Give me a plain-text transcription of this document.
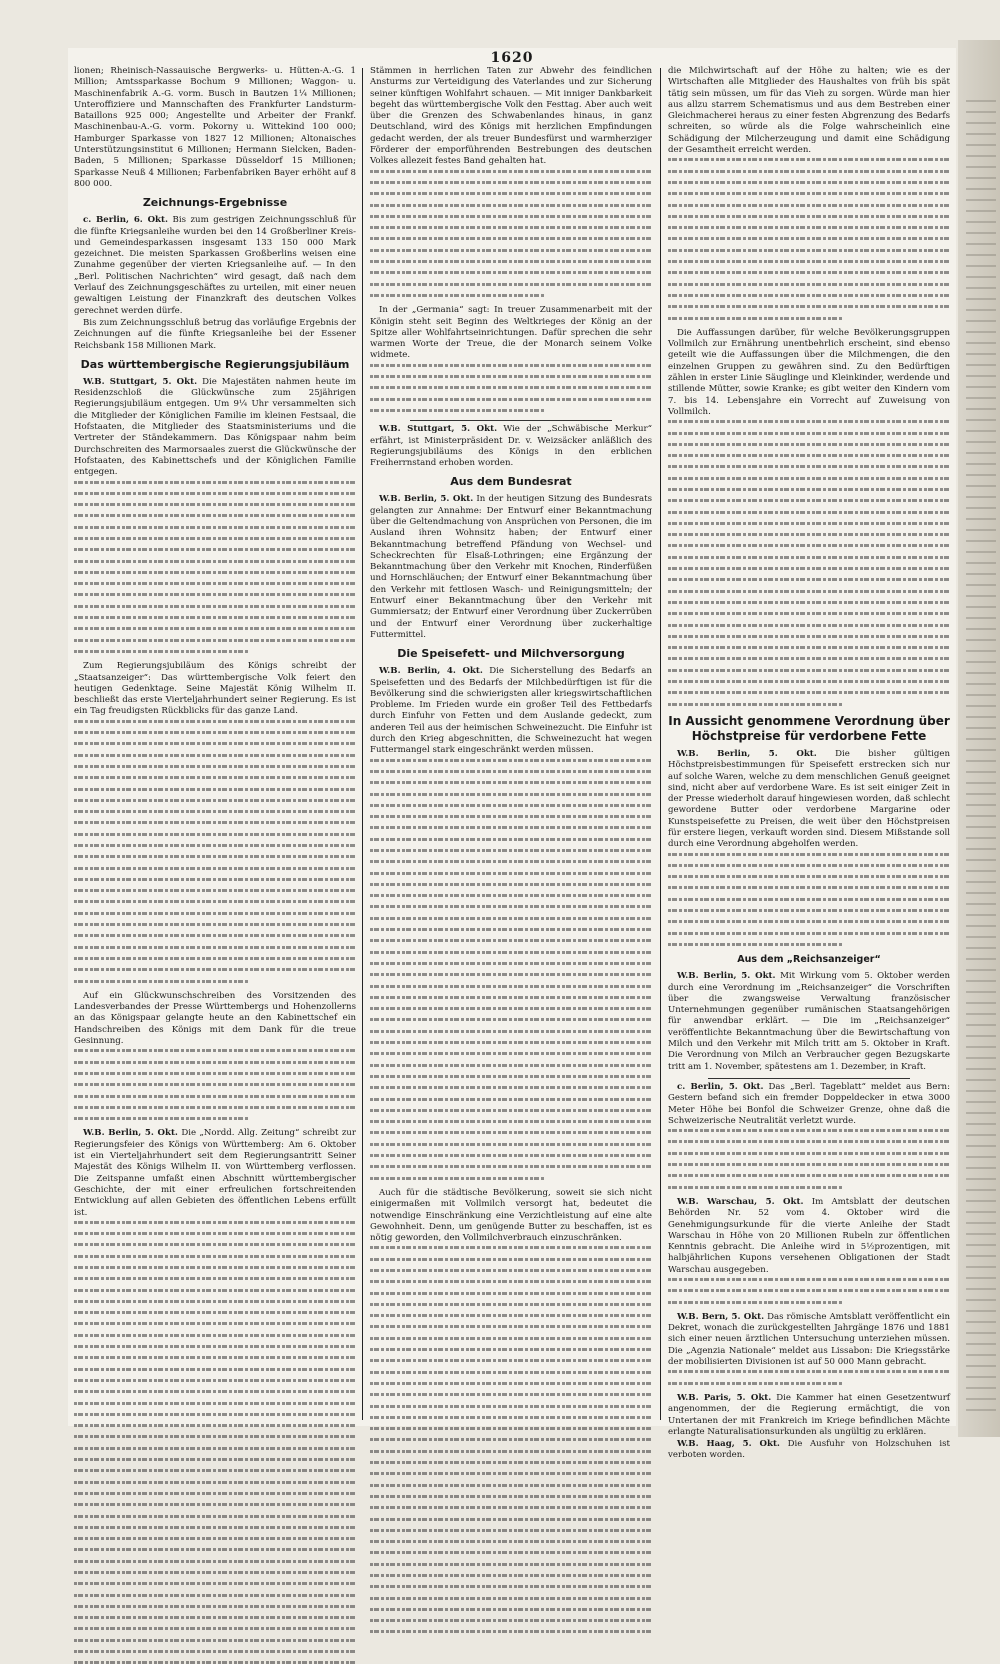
1620

lionen; Rheinisch-Nassauische Bergwerks- u. Hütten-A.-G. 1 Million; Amtssparkasse Bochum 9 Millionen; Waggon- u. Maschinenfabrik A.-G. vorm. Busch in Bautzen 1¼ Millionen; Unteroffiziere und Mannschaften des Frankfurter Landsturm-Bataillons 925 000; Angestellte und Arbeiter der Frankf. Maschinenbau-A.-G. vorm. Pokorny u. Wittekind 100 000; Hamburger Sparkasse von 1827 12 Millionen; Altonaisches Unterstützungsinstitut 6 Millionen; Hermann Sielcken, Baden-Baden, 5 Millionen; Sparkasse Düsseldorf 15 Millionen; Sparkasse Neuß 4 Millionen; Farbenfabriken Bayer erhöht auf 8 800 000.

Zeichnungs-Ergebnisse

c. Berlin, 6. Okt. Bis zum gestrigen Zeichnungsschluß für die fünfte Kriegsanleihe wurden bei den 14 Großberliner Kreis- und Gemeindesparkassen insgesamt 133 150 000 Mark gezeichnet. Die meisten Sparkassen Großberlins weisen eine Zunahme gegenüber der vierten Kriegsanleihe auf. — In den „Berl. Politischen Nachrichten“ wird gesagt, daß nach dem Verlauf des Zeichnungsgeschäftes zu urteilen, mit einer neuen gewaltigen Leistung der Finanzkraft des deutschen Volkes gerechnet werden dürfe.

Bis zum Zeichnungsschluß betrug das vorläufige Ergebnis der Zeichnungen auf die fünfte Kriegsanleihe bei der Essener Reichsbank 158 Millionen Mark.

Das württembergische Regierungsjubiläum

W.B. Stuttgart, 5. Okt. Die Majestäten nahmen heute im Residenzschloß die Glückwünsche zum 25jährigen Regierungsjubiläum entgegen. Um 9¼ Uhr versammelten sich die Mitglieder der Königlichen Familie im kleinen Festsaal, die Hofstaaten, die Mitglieder des Staatsministeriums und die Vertreter der Ständekammern. Das Königspaar nahm beim Durchschreiten des Marmorsaales zuerst die Glückwünsche der Hofstaaten, des Kabinettschefs und der Königlichen Familie entgegen.

Zum Regierungsjubiläum des Königs schreibt der „Staatsanzeiger“: Das württembergische Volk feiert den heutigen Gedenktage. Seine Majestät König Wilhelm II. beschließt das erste Vierteljahrhundert seiner Regierung. Es ist ein Tag freudigsten Rückblicks für das ganze Land.

Auf ein Glückwunschschreiben des Vorsitzenden des Landesverbandes der Presse Württembergs und Hohenzollerns an das Königspaar gelangte heute an den Kabinettschef ein Handschreiben des Königs mit dem Dank für die treue Gesinnung.

W.B. Berlin, 5. Okt. Die „Nordd. Allg. Zeitung“ schreibt zur Regierungsfeier des Königs von Württemberg: Am 6. Oktober ist ein Vierteljahrhundert seit dem Regierungsantritt Seiner Majestät des Königs Wilhelm II. von Württemberg verflossen. Die Zeitspanne umfaßt einen Abschnitt württembergischer Geschichte, der mit einer erfreulichen fortschreitenden Entwicklung auf allen Gebieten des öffentlichen Lebens erfüllt ist.

Stämmen in herrlichen Taten zur Abwehr des feindlichen Ansturms zur Verteidigung des Vaterlandes und zur Sicherung seiner künftigen Wohlfahrt schauen. — Mit inniger Dankbarkeit begeht das württembergische Volk den Festtag. Aber auch weit über die Grenzen des Schwabenlandes hinaus, in ganz Deutschland, wird des Königs mit herzlichen Empfindungen gedacht werden, der als treuer Bundesfürst und warmherziger Förderer der emporführenden Bestrebungen des deutschen Volkes allezeit festes Band gehalten hat.

In der „Germania“ sagt: In treuer Zusammenarbeit mit der Königin steht seit Beginn des Weltkrieges der König an der Spitze aller Wohlfahrtseinrichtungen. Dafür sprechen die sehr warmen Worte der Treue, die der Monarch seinem Volke widmete.

W.B. Stuttgart, 5. Okt. Wie der „Schwäbische Merkur“ erfährt, ist Ministerpräsident Dr. v. Weizsäcker anläßlich des Regierungsjubiläums des Königs in den erblichen Freiherrnstand erhoben worden.

Aus dem Bundesrat

W.B. Berlin, 5. Okt. In der heutigen Sitzung des Bundesrats gelangten zur Annahme: Der Entwurf einer Bekanntmachung über die Geltendmachung von Ansprüchen von Personen, die im Ausland ihren Wohnsitz haben; der Entwurf einer Bekanntmachung betreffend Pfändung von Wechsel- und Scheckrechten für Elsaß-Lothringen; eine Ergänzung der Bekanntmachung über den Verkehr mit Knochen, Rinderfüßen und Hornschläuchen; der Entwurf einer Bekanntmachung über den Verkehr mit fettlosen Wasch- und Reinigungsmitteln; der Entwurf einer Bekanntmachung über den Verkehr mit Gummiersatz; der Entwurf einer Verordnung über Zuckerrüben und der Entwurf einer Verordnung über zuckerhaltige Futtermittel.

Die Speisefett- und Milchversorgung

W.B. Berlin, 4. Okt. Die Sicherstellung des Bedarfs an Speisefetten und des Bedarfs der Milchbedürftigen ist für die Bevölkerung sind die schwierigsten aller kriegswirtschaftlichen Probleme. Im Frieden wurde ein großer Teil des Fettbedarfs durch Einfuhr von Fetten und dem Auslande gedeckt, zum anderen Teil aus der heimischen Schweinezucht. Die Einfuhr ist durch den Krieg abgeschnitten, die Schweinezucht hat wegen Futtermangel stark eingeschränkt werden müssen.

Auch für die städtische Bevölkerung, soweit sie sich nicht einigermaßen mit Vollmilch versorgt hat, bedeutet die notwendige Einschränkung eine Verzichtleistung auf eine alte Gewohnheit. Denn, um genügende Butter zu beschaffen, ist es nötig geworden, den Vollmilchverbrauch einzuschränken.

die Milchwirtschaft auf der Höhe zu halten; wie es der Wirtschaften alle Mitglieder des Haushaltes von früh bis spät tätig sein müssen, um für das Vieh zu sorgen. Würde man hier aus allzu starrem Schematismus und aus dem Bestreben einer Gleichmacherei heraus zu einer festen Abgrenzung des Bedarfs schreiten, so würde als die Folge wahrscheinlich eine Schädigung der Milcherzeugung und damit eine Schädigung der Gesamtheit erreicht werden.

Die Auffassungen darüber, für welche Bevölkerungsgruppen Vollmilch zur Ernährung unentbehrlich erscheint, sind ebenso geteilt wie die Auffassungen über die Milchmengen, die den einzelnen Gruppen zu gewähren sind. Zu den Bedürftigen zählen in erster Linie Säuglinge und Kleinkinder, werdende und stillende Mütter, sowie Kranke; es gibt weiter den Kindern vom 7. bis 14. Lebensjahre ein Vorrecht auf Zuweisung von Vollmilch.

In Aussicht genommene Verordnung über
Höchstpreise für verdorbene Fette

W.B. Berlin, 5. Okt. Die bisher gültigen Höchstpreisbestimmungen für Speisefett erstrecken sich nur auf solche Waren, welche zu dem menschlichen Genuß geeignet sind, nicht aber auf verdorbene Ware. Es ist seit einiger Zeit in der Presse wiederholt darauf hingewiesen worden, daß schlecht gewordene Butter oder verdorbene Margarine oder Kunstspeisefette zu Preisen, die weit über den Höchstpreisen für erstere liegen, verkauft worden sind. Diesem Mißstande soll durch eine Verordnung abgeholfen werden.

Aus dem „Reichsanzeiger“

W.B. Berlin, 5. Okt. Mit Wirkung vom 5. Oktober werden durch eine Verordnung im „Reichsanzeiger“ die Vorschriften über die zwangsweise Verwaltung französischer Unternehmungen gegenüber rumänischen Staatsangehörigen für anwendbar erklärt. — Die im „Reichsanzeiger“ veröffentlichte Bekanntmachung über die Bewirtschaftung von Milch und den Verkehr mit Milch tritt am 5. Oktober in Kraft. Die Verordnung von Milch an Verbraucher gegen Bezugskarte tritt am 1. November, spätestens am 1. Dezember, in Kraft.

c. Berlin, 5. Okt. Das „Berl. Tageblatt“ meldet aus Bern: Gestern befand sich ein fremder Doppeldecker in etwa 3000 Meter Höhe bei Bonfol die Schweizer Grenze, ohne daß die Schweizerische Neutralität verletzt wurde.

W.B. Warschau, 5. Okt. Im Amtsblatt der deutschen Behörden Nr. 52 vom 4. Oktober wird die Genehmigungsurkunde für die vierte Anleihe der Stadt Warschau in Höhe von 20 Millionen Rubeln zur öffentlichen Kenntnis gebracht. Die Anleihe wird in 5½prozentigen, mit halbjährlichen Kupons versehenen Obligationen der Stadt Warschau ausgegeben.

W.B. Bern, 5. Okt. Das römische Amtsblatt veröffentlicht ein Dekret, wonach die zurückgestellten Jahrgänge 1876 und 1881 sich einer neuen ärztlichen Untersuchung unterziehen müssen. Die „Agenzia Nationale“ meldet aus Lissabon: Die Kriegsstärke der mobilisierten Divisionen ist auf 50 000 Mann gebracht.

W.B. Paris, 5. Okt. Die Kammer hat einen Gesetzentwurf angenommen, der die Regierung ermächtigt, die von Untertanen der mit Frankreich im Kriege befindlichen Mächte erlangte Naturalisationsurkunden als ungültig zu erklären.

W.B. Haag, 5. Okt. Die Ausfuhr von Holzschuhen ist verboten worden.
